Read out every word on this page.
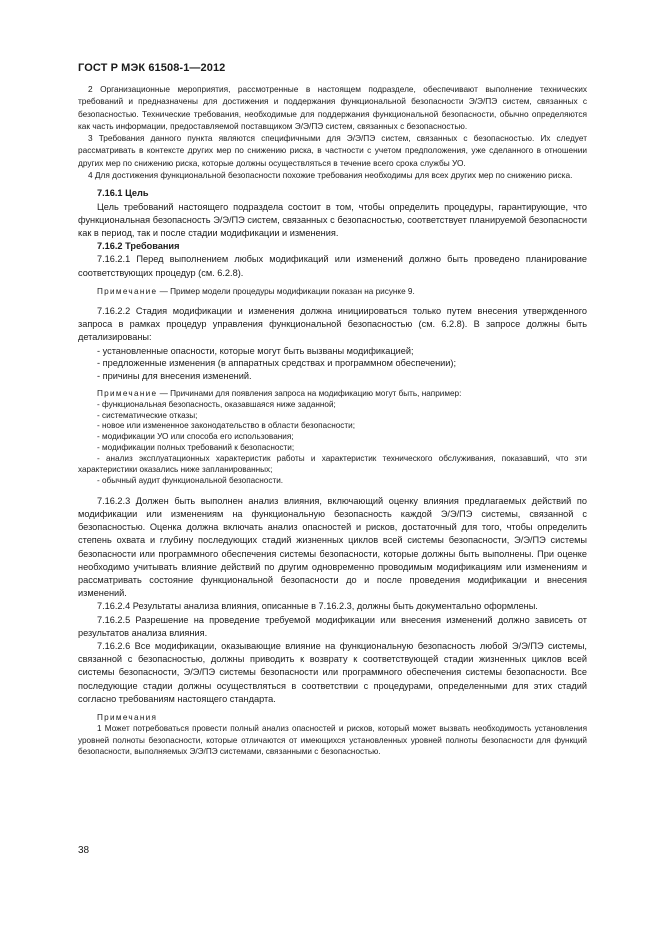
ГОСТ Р МЭК 61508-1—2012

2 Организационные мероприятия, рассмотренные в настоящем подразделе, обеспечивают выполнение технических требований и предназначены для достижения и поддержания функциональной безопасности Э/Э/ПЭ систем, связанных с безопасностью. Технические требования, необходимые для поддержания функциональной безопасности, обычно определяются как часть информации, предоставляемой поставщиком Э/Э/ПЭ систем, связанных с безопасностью.

3 Требования данного пункта являются специфичными для Э/Э/ПЭ систем, связанных с безопасностью. Их следует рассматривать в контексте других мер по снижению риска, в частности с учетом предположения, уже сделанного в отношении других мер по снижению риска, которые должны осуществляться в течение всего срока службы УО.

4 Для достижения функциональной безопасности похожие требования необходимы для всех других мер по снижению риска.

7.16.1 Цель

Цель требований настоящего подраздела состоит в том, чтобы определить процедуры, гарантирующие, что функциональная безопасность Э/Э/ПЭ систем, связанных с безопасностью, соответствует планируемой безопасности как в период, так и после стадии модификации и изменения.

7.16.2 Требования

7.16.2.1 Перед выполнением любых модификаций или изменений должно быть проведено планирование соответствующих процедур (см. 6.2.8).

Примечание — Пример модели процедуры модификации показан на рисунке 9.

7.16.2.2 Стадия модификации и изменения должна инициироваться только путем внесения утвержденного запроса в рамках процедур управления функциональной безопасностью (см. 6.2.8). В запросе должны быть детализированы:

- установленные опасности, которые могут быть вызваны модификацией;

- предложенные изменения (в аппаратных средствах и программном обеспечении);

- причины для внесения изменений.

Примечание — Причинами для появления запроса на модификацию могут быть, например:

- функциональная безопасность, оказавшаяся ниже заданной;

- систематические отказы;

- новое или измененное законодательство в области безопасности;

- модификации УО или способа его использования;

- модификации полных требований к безопасности;

- анализ эксплуатационных характеристик работы и характеристик технического обслуживания, показавший, что эти характеристики оказались ниже запланированных;

- обычный аудит функциональной безопасности.

7.16.2.3 Должен быть выполнен анализ влияния, включающий оценку влияния предлагаемых действий по модификации или изменениям на функциональную безопасность каждой Э/Э/ПЭ системы, связанной с безопасностью. Оценка должна включать анализ опасностей и рисков, достаточный для того, чтобы определить степень охвата и глубину последующих стадий жизненных циклов всей системы безопасности, Э/Э/ПЭ системы безопасности или программного обеспечения системы безопасности, которые должны быть выполнены. При оценке необходимо учитывать влияние действий по другим одновременно проводимым модификациям или изменениям и рассматривать состояние функциональной безопасности до и после проведения модификации и внесения изменений.

7.16.2.4 Результаты анализа влияния, описанные в 7.16.2.3, должны быть документально оформлены.

7.16.2.5 Разрешение на проведение требуемой модификации или внесения изменений должно зависеть от результатов анализа влияния.

7.16.2.6 Все модификации, оказывающие влияние на функциональную безопасность любой Э/Э/ПЭ системы, связанной с безопасностью, должны приводить к возврату к соответствующей стадии жизненных циклов всей системы безопасности, Э/Э/ПЭ системы безопасности или программного обеспечения системы безопасности. Все последующие стадии должны осуществляться в соответствии с процедурами, определенными для этих стадий согласно требованиям настоящего стандарта.

Примечания

1 Может потребоваться провести полный анализ опасностей и рисков, который может вызвать необходимость установления уровней полноты безопасности, которые отличаются от имеющихся установленных уровней полноты безопасности для функций безопасности, выполняемых Э/Э/ПЭ системами, связанными с безопасностью.

38
